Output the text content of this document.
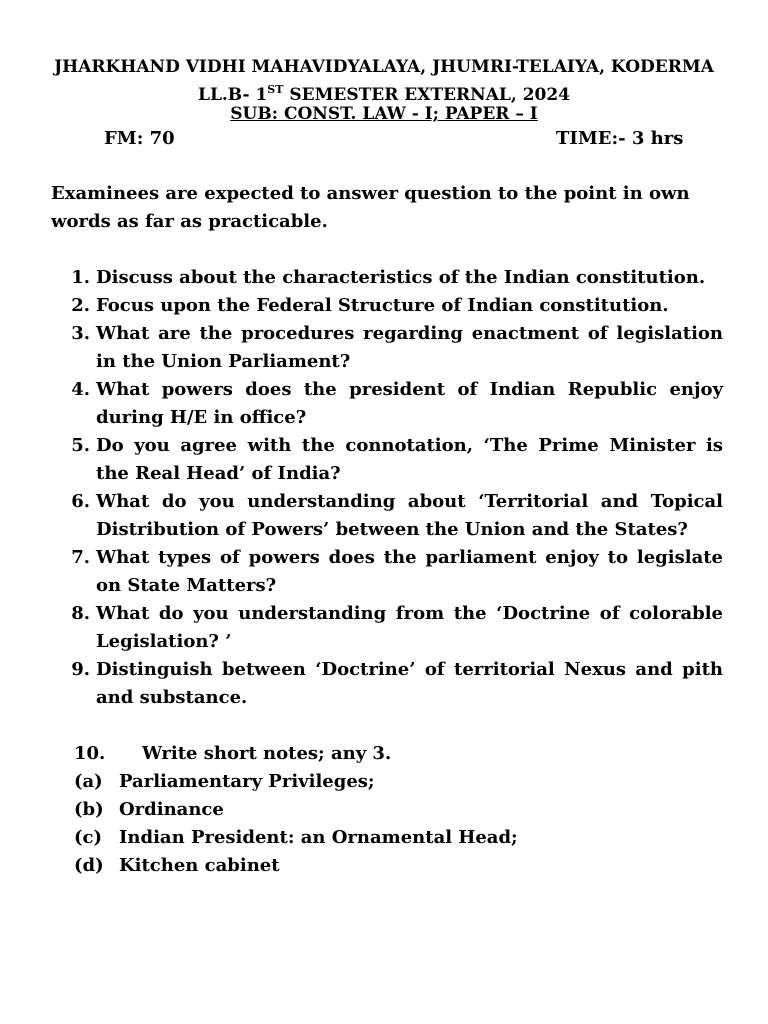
JHARKHAND VIDHI MAHAVIDYALAYA, JHUMRI-TELAIYA, KODERMA
LL.B- 1ST SEMESTER EXTERNAL, 2024
SUB: CONST. LAW - I; PAPER – I
FM: 70	TIME:- 3 hrs
Examinees are expected to answer question to the point in own words as far as practicable.
1. Discuss about the characteristics of the Indian constitution.
2. Focus upon the Federal Structure of Indian constitution.
3. What are the procedures regarding enactment of legislation in the Union Parliament?
4. What powers does the president of Indian Republic enjoy during H/E in office?
5. Do you agree with the connotation, ‘The Prime Minister is the Real Head’ of India?
6. What do you understanding about ‘Territorial and Topical Distribution of Powers’ between the Union and the States?
7. What types of powers does the parliament enjoy to legislate on State Matters?
8. What do you understanding from the ‘Doctrine of colorable Legislation? ’
9. Distinguish between ‘Doctrine’ of territorial Nexus and pith and substance.
10. Write short notes; any 3.
(a) Parliamentary Privileges;
(b) Ordinance
(c) Indian President: an Ornamental Head;
(d) Kitchen cabinet
